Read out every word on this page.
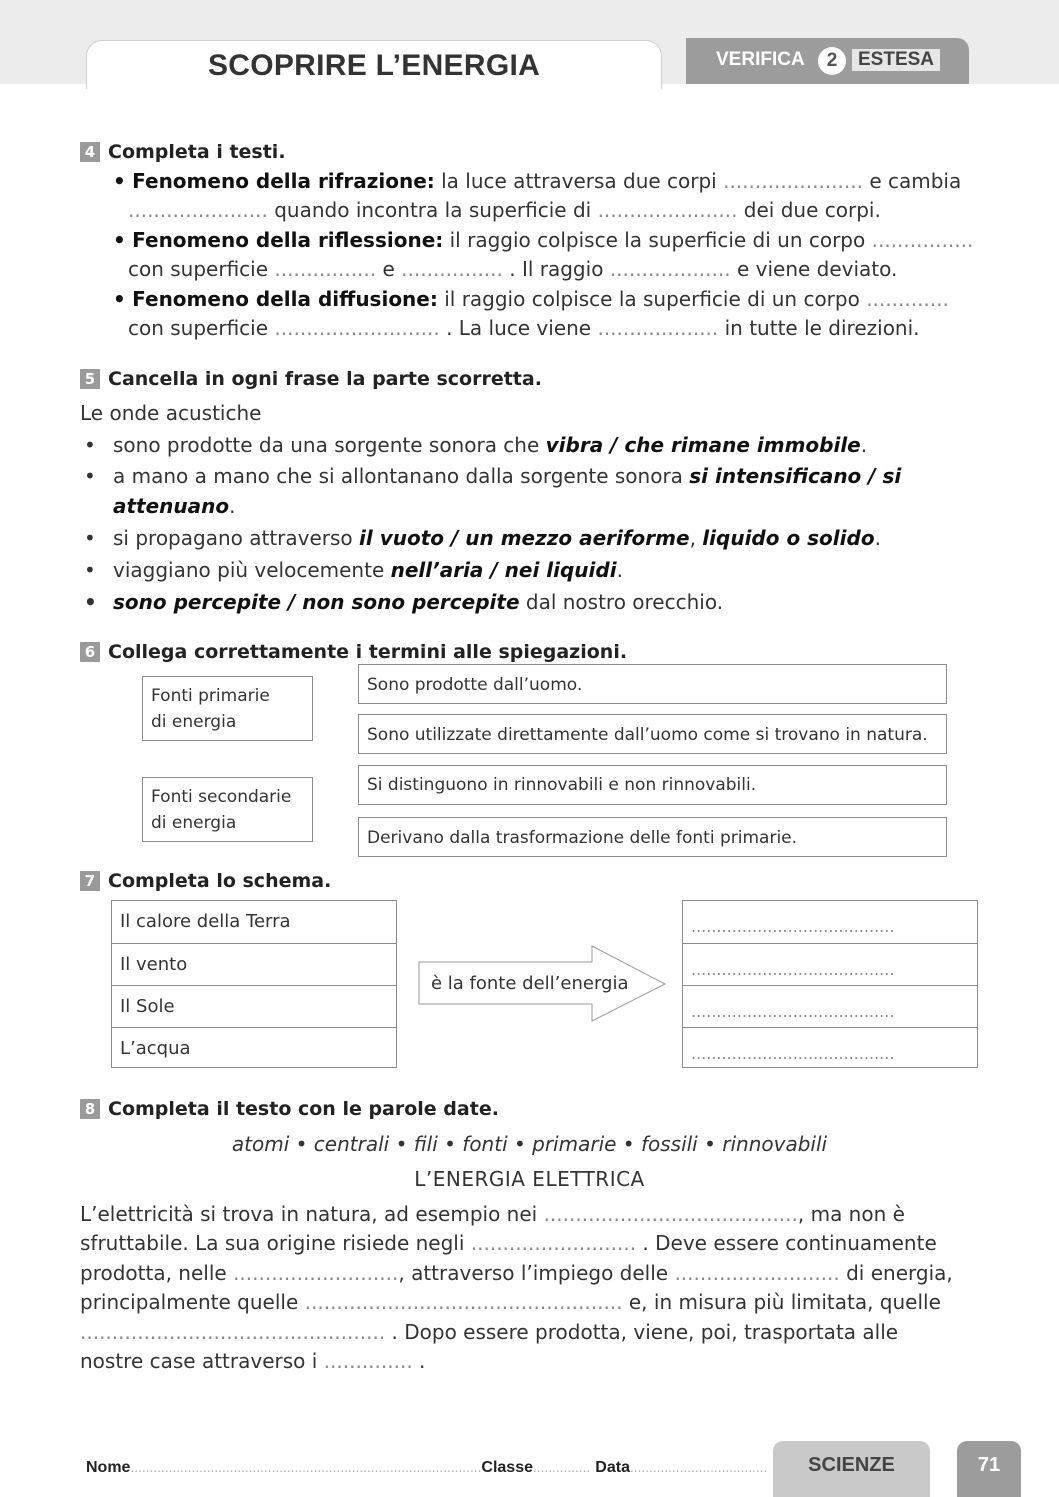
SCOPRIRE L’ENERGIA	VERIFICA	2	ESTESA
4 Completa i testi.
• Fenomeno della rifrazione: la luce attraversa due corpi ...................... e cambia
...................... quando incontra la superficie di ...................... dei due corpi.
• Fenomeno della riflessione: il raggio colpisce la superficie di un corpo ................
con superficie ................ e ................ . Il raggio ................... e viene deviato.
• Fenomeno della diffusione: il raggio colpisce la superficie di un corpo .............
con superficie .......................... . La luce viene ................... in tutte le direzioni.
5 Cancella in ogni frase la parte scorretta.
Le onde acustiche
• sono prodotte da una sorgente sonora che vibra / che rimane immobile.
• a mano a mano che si allontanano dalla sorgente sonora si intensificano / si
attenuano.
• si propagano attraverso il vuoto / un mezzo aeriforme, liquido o solido.
• viaggiano più velocemente nell’aria / nei liquidi.
• sono percepite / non sono percepite dal nostro orecchio.
6 Collega correttamente i termini alle spiegazioni.
Fonti primarie
di energia
Fonti secondarie
di energia
Sono prodotte dall’uomo.
Sono utilizzate direttamente dall’uomo come si trovano in natura.
Si distinguono in rinnovabili e non rinnovabili.
Derivano dalla trasformazione delle fonti primarie.
7 Completa lo schema.
Il calore della Terra
Il vento
Il Sole
L’acqua
è la fonte dell’energia
........................................
........................................
........................................
........................................
8 Completa il testo con le parole date.
atomi • centrali • fili • fonti • primarie • fossili • rinnovabili
L’ENERGIA ELETTRICA
L’elettricità si trova in natura, ad esempio nei ........................................, ma non è
sfruttabile. La sua origine risiede negli .......................... . Deve essere continuamente
prodotta, nelle .........................., attraverso l’impiego delle .......................... di energia,
principalmente quelle .................................................. e, in misura più limitata, quelle
................................................ . Dopo essere prodotta, viene, poi, trasportata alle
nostre case attraverso i .............. .
Nome............................................................................................Classe............... Data....................................	SCIENZE	71
